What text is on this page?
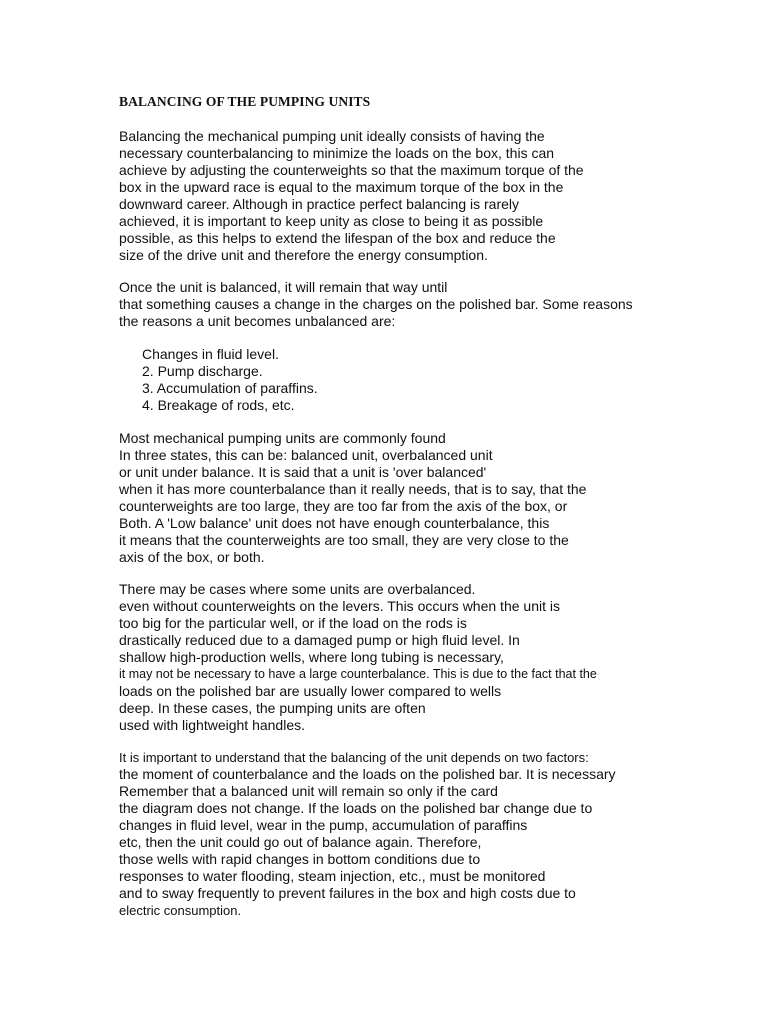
BALANCING OF THE PUMPING UNITS
Balancing the mechanical pumping unit ideally consists of having the
necessary counterbalancing to minimize the loads on the box, this can
achieve by adjusting the counterweights so that the maximum torque of the
box in the upward race is equal to the maximum torque of the box in the
downward career. Although in practice perfect balancing is rarely
achieved, it is important to keep unity as close to being it as possible
possible, as this helps to extend the lifespan of the box and reduce the
size of the drive unit and therefore the energy consumption.
Once the unit is balanced, it will remain that way until
that something causes a change in the charges on the polished bar. Some reasons
the reasons a unit becomes unbalanced are:
Changes in fluid level.
2. Pump discharge.
3. Accumulation of paraffins.
4. Breakage of rods, etc.
Most mechanical pumping units are commonly found
In three states, this can be: balanced unit, overbalanced unit
or unit under balance. It is said that a unit is 'over balanced'
when it has more counterbalance than it really needs, that is to say, that the
counterweights are too large, they are too far from the axis of the box, or
Both. A 'Low balance' unit does not have enough counterbalance, this
it means that the counterweights are too small, they are very close to the
axis of the box, or both.
There may be cases where some units are overbalanced.
even without counterweights on the levers. This occurs when the unit is
too big for the particular well, or if the load on the rods is
drastically reduced due to a damaged pump or high fluid level. In
shallow high-production wells, where long tubing is necessary,
it may not be necessary to have a large counterbalance. This is due to the fact that the
loads on the polished bar are usually lower compared to wells
deep. In these cases, the pumping units are often
used with lightweight handles.
It is important to understand that the balancing of the unit depends on two factors:
the moment of counterbalance and the loads on the polished bar. It is necessary
Remember that a balanced unit will remain so only if the card
the diagram does not change. If the loads on the polished bar change due to
changes in fluid level, wear in the pump, accumulation of paraffins
etc, then the unit could go out of balance again. Therefore,
those wells with rapid changes in bottom conditions due to
responses to water flooding, steam injection, etc., must be monitored
and to sway frequently to prevent failures in the box and high costs due to
electric consumption.
